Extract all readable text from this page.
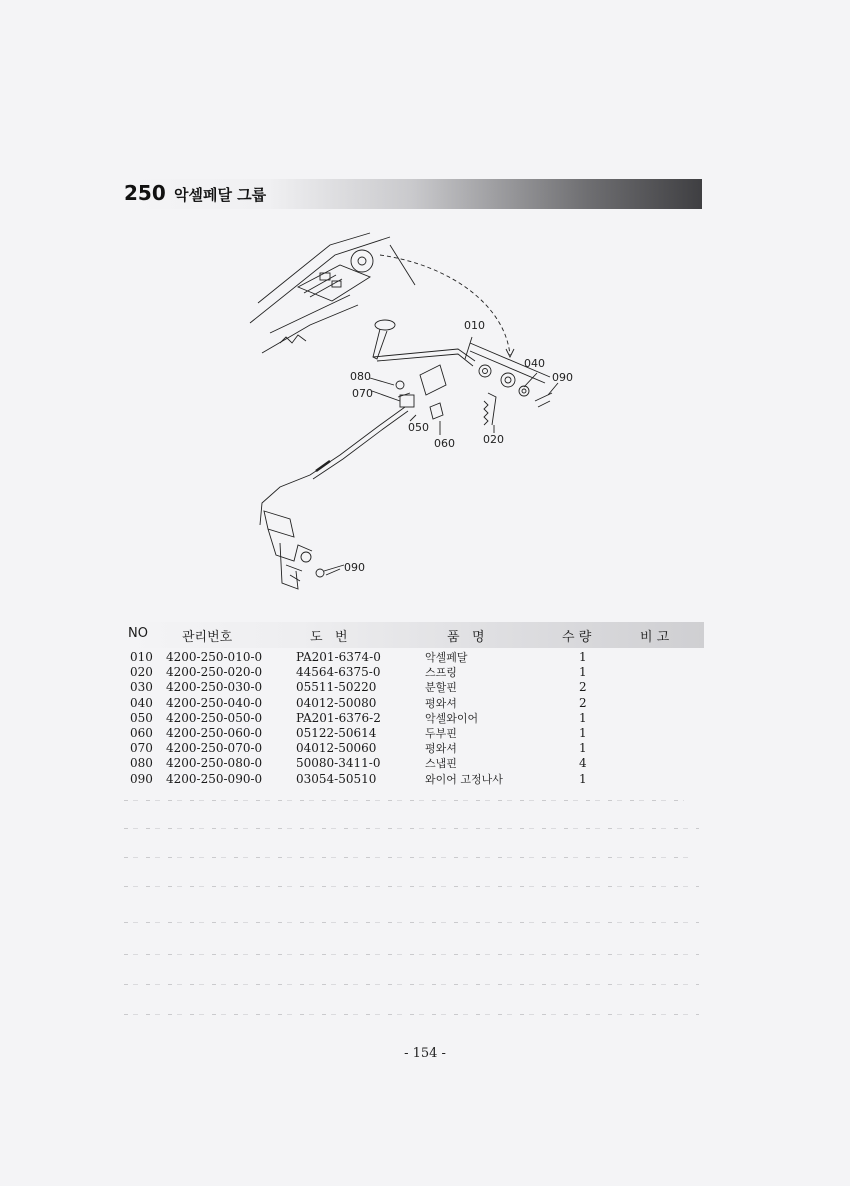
250 악셀페달 그룹
010
040
090
080
070
050
060	020
090
NO	관리번호	도   번	품   명	수 량	비 고
010 4200-250-010-0	PA201-6374-0	악셀페달	1
020 4200-250-020-0	44564-6375-0	스프링	1
030 4200-250-030-0	05511-50220	분할핀	2
040 4200-250-040-0	04012-50080	평와셔	2
050 4200-250-050-0	PA201-6376-2	악셀와이어	1
060 4200-250-060-0	05122-50614	두부핀	1
070 4200-250-070-0	04012-50060	평와셔	1
080 4200-250-080-0	50080-3411-0	스냅핀	4
090 4200-250-090-0	03054-50510	와이어 고정나사	1
- 154 -
